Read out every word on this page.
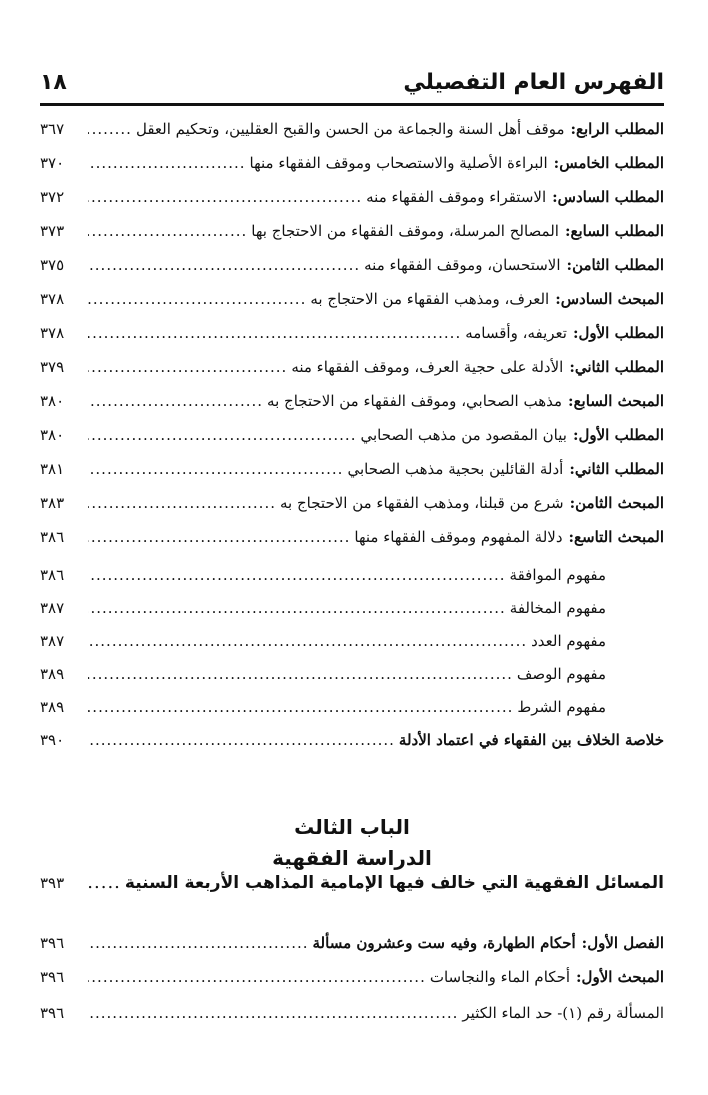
الفهرس العام التفصيلي
١٨
المطلب الرابع:
موقف أهل السنة والجماعة من الحسن والقبح العقليين، وتحكيم العقل
.....
٣٦٧
المطلب الخامس:
البراءة الأصلية والاستصحاب وموقف الفقهاء منها
.....
٣٧٠
المطلب السادس:
الاستقراء وموقف الفقهاء منه
.....
٣٧٢
المطلب السابع:
المصالح المرسلة، وموقف الفقهاء من الاحتجاج بها
.....
٣٧٣
المطلب الثامن:
الاستحسان، وموقف الفقهاء منه
.....
٣٧٥
المبحث السادس:
العرف، ومذهب الفقهاء من الاحتجاج به
.....
٣٧٨
المطلب الأول:
تعريفه، وأقسامه
.....
٣٧٨
المطلب الثاني:
الأدلة على حجية العرف، وموقف الفقهاء منه
.....
٣٧٩
المبحث السابع:
مذهب الصحابي، وموقف الفقهاء من الاحتجاج به
.....
٣٨٠
المطلب الأول:
بيان المقصود من مذهب الصحابي
.....
٣٨٠
المطلب الثاني:
أدلة القائلين بحجية مذهب الصحابي
.....
٣٨١
المبحث الثامن:
شرع من قبلنا، ومذهب الفقهاء من الاحتجاج به
.....
٣٨٣
المبحث التاسع:
دلالة المفهوم وموقف الفقهاء منها
.....
٣٨٦
مفهوم الموافقة
.....
٣٨٦
مفهوم المخالفة
.....
٣٨٧
مفهوم العدد
.....
٣٨٧
مفهوم الوصف
.....
٣٨٩
مفهوم الشرط
.....
٣٨٩
خلاصة الخلاف بين الفقهاء في اعتماد الأدلة
.....
٣٩٠
الباب الثالث
الدراسة الفقهية
المسائل الفقهية التي خالف فيها الإمامية المذاهب الأربعة السنية
.....
٣٩٣
الفصل الأول:
أحكام الطهارة، وفيه ست وعشرون مسألة
.....
٣٩٦
المبحث الأول:
أحكام الماء والنجاسات
.....
٣٩٦
المسألة رقم (١)- حد الماء الكثير
.....
٣٩٦
